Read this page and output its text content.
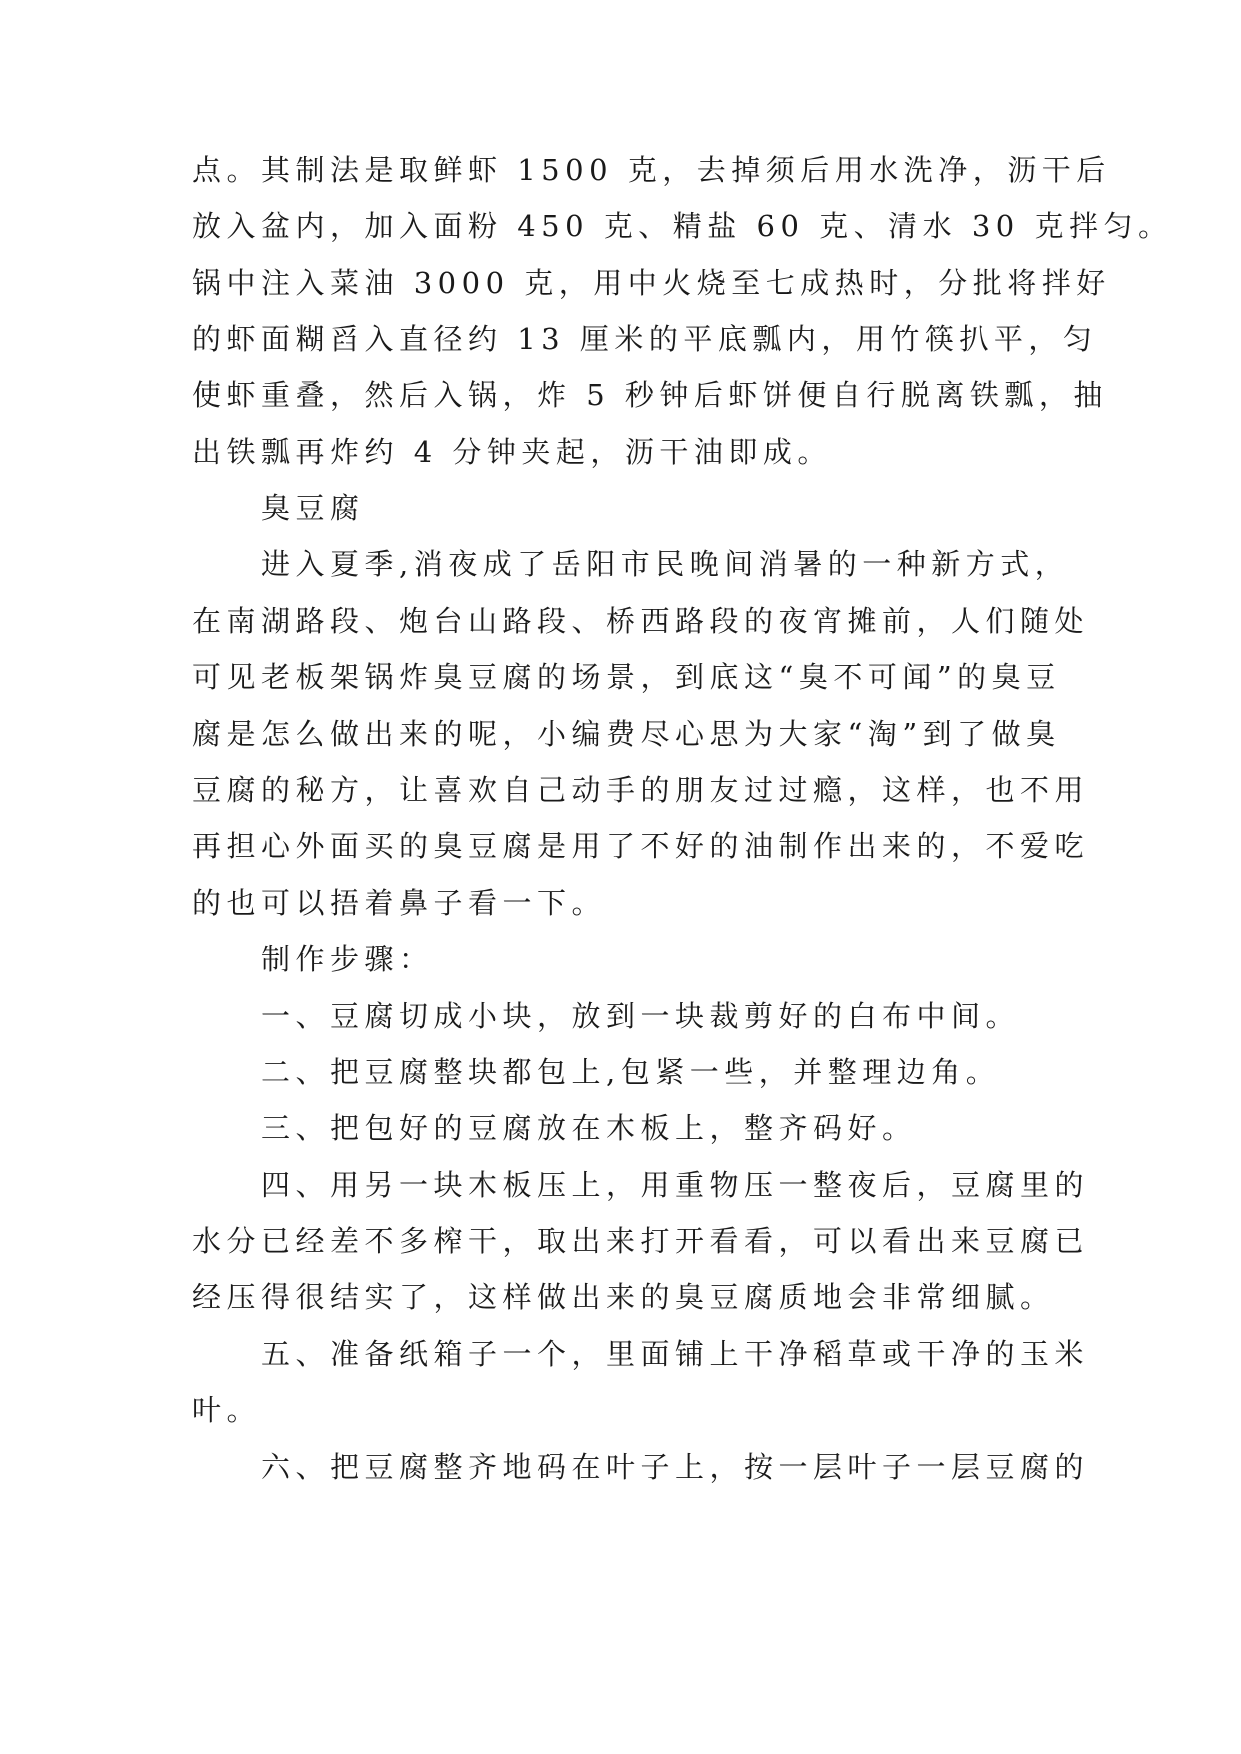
点。其制法是取鲜虾 1500 克，去掉须后用水洗净，沥干后
放入盆内，加入面粉 450 克、精盐 60 克、清水 30 克拌匀。
锅中注入菜油 3000 克，用中火烧至七成热时，分批将拌好
的虾面糊舀入直径约 13 厘米的平底瓢内，用竹筷扒平，匀
使虾重叠，然后入锅，炸 5 秒钟后虾饼便自行脱离铁瓢，抽
出铁瓢再炸约 4 分钟夹起，沥干油即成。
　　臭豆腐
　　进入夏季,消夜成了岳阳市民晚间消暑的一种新方式，
在南湖路段、炮台山路段、桥西路段的夜宵摊前，人们随处
可见老板架锅炸臭豆腐的场景，到底这“臭不可闻”的臭豆
腐是怎么做出来的呢，小编费尽心思为大家“淘”到了做臭
豆腐的秘方，让喜欢自己动手的朋友过过瘾，这样，也不用
再担心外面买的臭豆腐是用了不好的油制作出来的，不爱吃
的也可以捂着鼻子看一下。
　　制作步骤：
　　一、豆腐切成小块，放到一块裁剪好的白布中间。
　　二、把豆腐整块都包上,包紧一些，并整理边角。
　　三、把包好的豆腐放在木板上，整齐码好。
　　四、用另一块木板压上，用重物压一整夜后，豆腐里的
水分已经差不多榨干，取出来打开看看，可以看出来豆腐已
经压得很结实了，这样做出来的臭豆腐质地会非常细腻。
　　五、准备纸箱子一个，里面铺上干净稻草或干净的玉米
叶。
　　六、把豆腐整齐地码在叶子上，按一层叶子一层豆腐的
